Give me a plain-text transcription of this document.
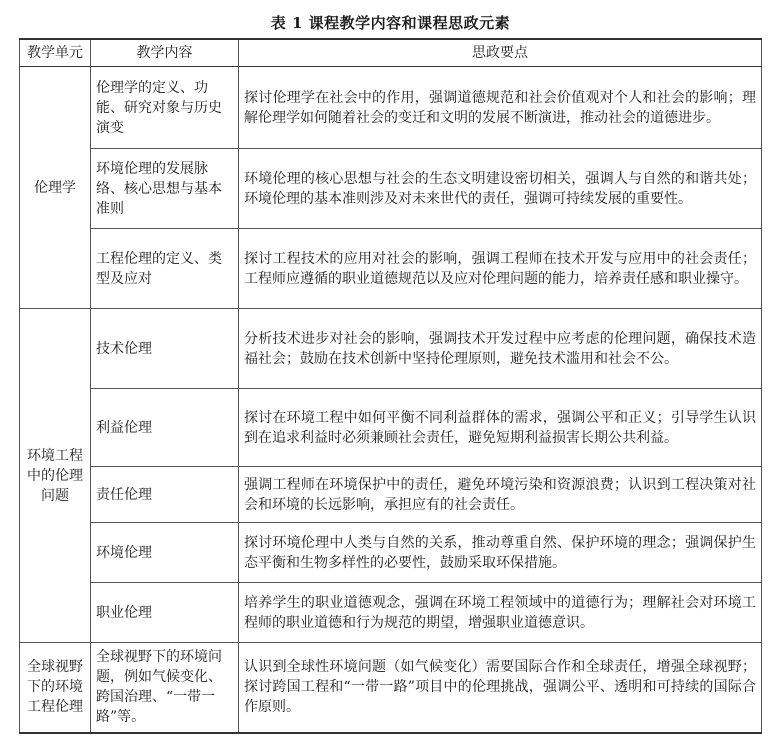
表 1 课程教学内容和课程思政元素
教学单元	教学内容	思政要点
伦理学	伦理学的定义、功能、研究对象与历史演变	探讨伦理学在社会中的作用，强调道德规范和社会价值观对个人和社会的影响；理解伦理学如何随着社会的变迁和文明的发展不断演进，推动社会的道德进步。
	环境伦理的发展脉络、核心思想与基本准则	环境伦理的核心思想与社会的生态文明建设密切相关，强调人与自然的和谐共处；环境伦理的基本准则涉及对未来世代的责任，强调可持续发展的重要性。
	工程伦理的定义、类型及应对	探讨工程技术的应用对社会的影响，强调工程师在技术开发与应用中的社会责任；工程师应遵循的职业道德规范以及应对伦理问题的能力，培养责任感和职业操守。
环境工程中的伦理问题	技术伦理	分析技术进步对社会的影响，强调技术开发过程中应考虑的伦理问题，确保技术造福社会；鼓励在技术创新中坚持伦理原则，避免技术滥用和社会不公。
	利益伦理	探讨在环境工程中如何平衡不同利益群体的需求，强调公平和正义；引导学生认识到在追求利益时必须兼顾社会责任，避免短期利益损害长期公共利益。
	责任伦理	强调工程师在环境保护中的责任，避免环境污染和资源浪费；认识到工程决策对社会和环境的长远影响，承担应有的社会责任。
	环境伦理	探讨环境伦理中人类与自然的关系，推动尊重自然、保护环境的理念；强调保护生态平衡和生物多样性的必要性，鼓励采取环保措施。
	职业伦理	培养学生的职业道德观念，强调在环境工程领域中的道德行为；理解社会对环境工程师的职业道德和行为规范的期望，增强职业道德意识。
全球视野下的环境工程伦理	全球视野下的环境问题，例如气候变化、跨国治理、“一带一路”等。	认识到全球性环境问题（如气候变化）需要国际合作和全球责任，增强全球视野；探讨跨国工程和“一带一路”项目中的伦理挑战，强调公平、透明和可持续的国际合作原则。
